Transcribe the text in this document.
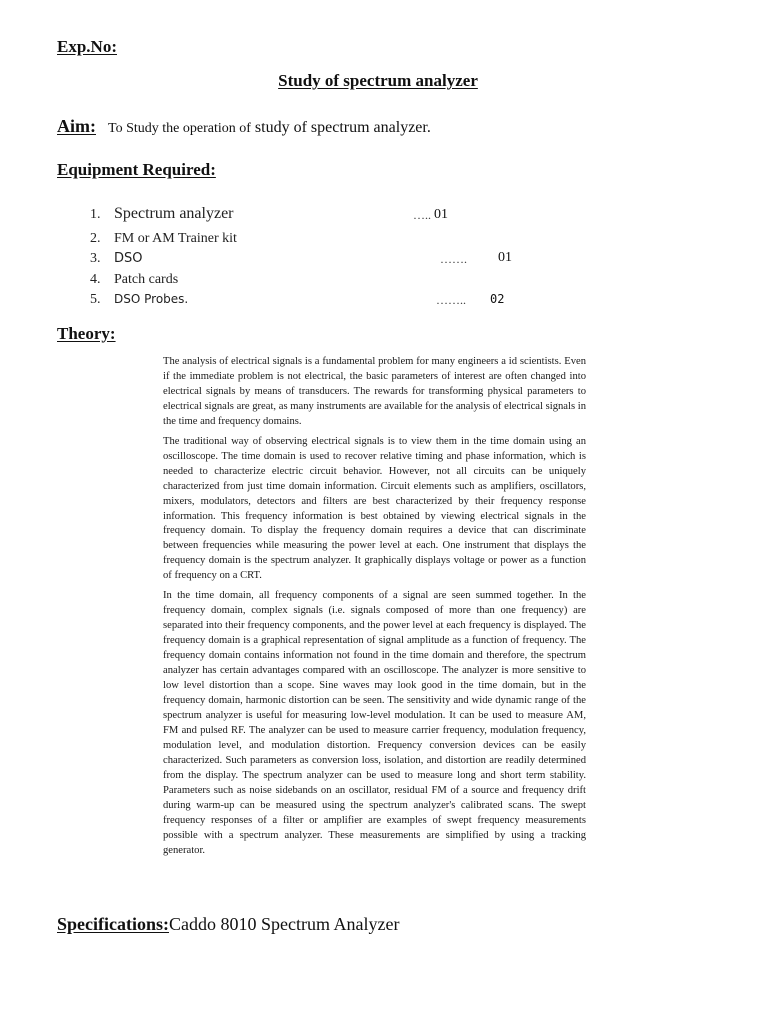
Exp.No:
Study of spectrum analyzer
Aim: To Study the operation of study of spectrum analyzer.
Equipment Required:
1. Spectrum analyzer	….. 01
2. FM or AM Trainer kit
3. DSO	……. 01
4. Patch cards
5. DSO Probes.	…….. 02
Theory:

The analysis of electrical signals is a fundamental problem for many engineers a id scientists. Even if the immediate problem is not electrical, the basic parameters of interest are often changed into electrical signals by means of transducers. The rewards for transforming physical parameters to electrical signals are great, as many instruments are available for the analysis of electrical signals in the time and frequency domains.

The traditional way of observing electrical signals is to view them in the time domain using an oscilloscope. The time domain is used to recover relative timing and phase information, which is needed to characterize electric circuit behavior. However, not all circuits can be uniquely characterized from just time domain information. Circuit elements such as amplifiers, oscillators, mixers, modulators, detectors and filters are best characterized by their frequency response information. This frequency information is best obtained by viewing electrical signals in the frequency domain. To display the frequency domain requires a device that can discriminate between frequencies while measuring the power level at each. One instrument that displays the frequency domain is the spectrum analyzer. It graphically displays voltage or power as a function of frequency on a CRT.

In the time domain, all frequency components of a signal are seen summed together. In the frequency domain, complex signals (i.e. signals composed of more than one frequency) are separated into their frequency components, and the power level at each frequency is displayed. The frequency domain is a graphical representation of signal amplitude as a function of frequency. The frequency domain contains information not found in the time domain and therefore, the spectrum analyzer has certain advantages compared with an oscilloscope. The analyzer is more sensitive to low level distortion than a scope. Sine waves may look good in the time domain, but in the frequency domain, harmonic distortion can be seen. The sensitivity and wide dynamic range of the spectrum analyzer is useful for measuring low-level modulation. It can be used to measure AM, FM and pulsed RF. The analyzer can be used to measure carrier frequency, modulation frequency, modulation level, and modulation distortion. Frequency conversion devices can be easily characterized. Such parameters as conversion loss, isolation, and distortion are readily determined from the display. The spectrum analyzer can be used to measure long and short term stability. Parameters such as noise sidebands on an oscillator, residual FM of a source and frequency drift during warm-up can be measured using the spectrum analyzer's calibrated scans. The swept frequency responses of a filter or amplifier are examples of swept frequency measurements possible with a spectrum analyzer. These measurements are simplified by using a tracking generator.

Specifications:Caddo 8010 Spectrum Analyzer
